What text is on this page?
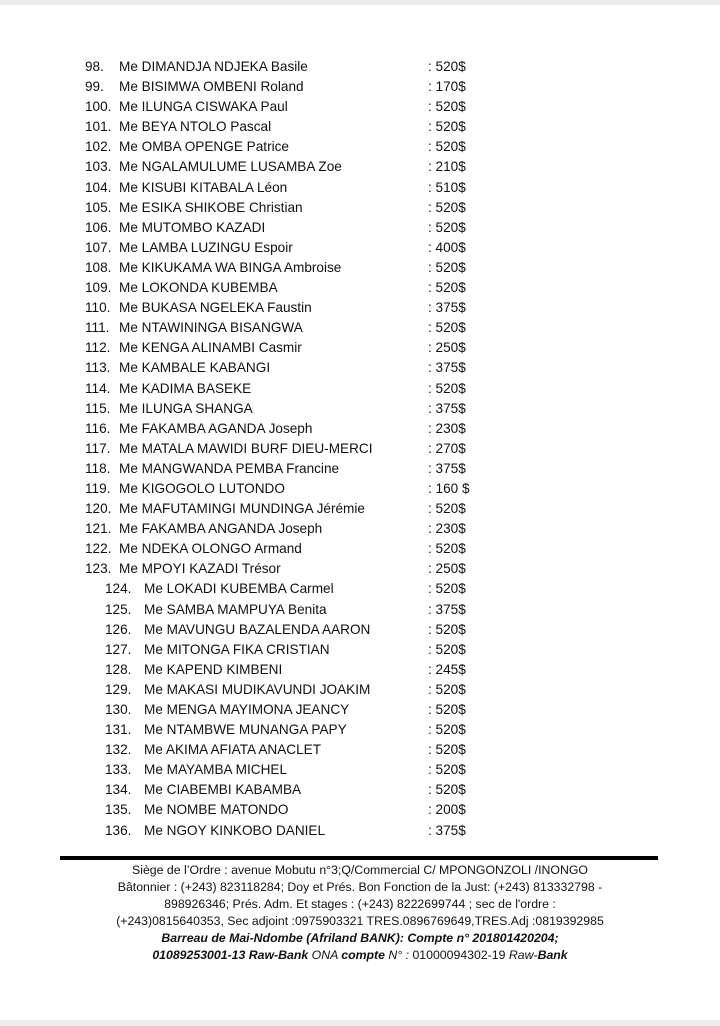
98. Me DIMANDJA NDJEKA Basile	: 520$
99. Me BISIMWA OMBENI Roland	: 170$
100. Me ILUNGA CISWAKA Paul	: 520$
101. Me BEYA NTOLO Pascal	: 520$
102. Me OMBA OPENGE Patrice	: 520$
103. Me NGALAMULUME LUSAMBA Zoe	: 210$
104. Me KISUBI KITABALA Léon	: 510$
105. Me ESIKA SHIKOBE Christian	: 520$
106. Me MUTOMBO KAZADI	: 520$
107. Me LAMBA LUZINGU Espoir	: 400$
108. Me KIKUKAMA WA BINGA Ambroise	: 520$
109. Me LOKONDA KUBEMBA	: 520$
110. Me BUKASA NGELEKA Faustin	: 375$
111. Me NTAWININGA BISANGWA	: 520$
112. Me KENGA ALINAMBI Casmir	: 250$
113. Me KAMBALE KABANGI	: 375$
114. Me KADIMA BASEKE	: 520$
115. Me ILUNGA SHANGA	: 375$
116. Me FAKAMBA AGANDA Joseph	: 230$
117. Me MATALA MAWIDI BURF DIEU-MERCI	: 270$
118. Me MANGWANDA PEMBA Francine	: 375$
119. Me KIGOGOLO LUTONDO	: 160 $
120. Me MAFUTAMINGI MUNDINGA Jérémie	: 520$
121. Me FAKAMBA ANGANDA Joseph	: 230$
122. Me NDEKA OLONGO Armand	: 520$
123. Me MPOYI KAZADI Trésor	: 250$
124. Me LOKADI KUBEMBA Carmel	: 520$
125. Me SAMBA MAMPUYA Benita	: 375$
126. Me MAVUNGU BAZALENDA AARON	: 520$
127. Me MITONGA FIKA CRISTIAN	: 520$
128. Me KAPEND KIMBENI	: 245$
129. Me MAKASI MUDIKAVUNDI JOAKIM	: 520$
130. Me MENGA MAYIMONA JEANCY	: 520$
131. Me NTAMBWE MUNANGA PAPY	: 520$
132. Me AKIMA AFIATA ANACLET	: 520$
133. Me MAYAMBA MICHEL	: 520$
134. Me CIABEMBI KABAMBA	: 520$
135. Me NOMBE MATONDO	: 200$
136. Me NGOY KINKOBO DANIEL	: 375$
Siège de l’Ordre : avenue Mobutu n°3;Q/Commercial C/ MPONGONZOLI /INONGO
Bâtonnier : (+243) 823118284; Doy et Prés. Bon Fonction de la Just: (+243) 813332798 -
898926346; Prés. Adm. Et stages : (+243) 8222699744 ; sec de l'ordre :
(+243)0815640353, Sec adjoint :0975903321 TRES.0896769649,TRES.Adj :0819392985
Barreau de Mai-Ndombe (Afriland BANK): Compte n° 201801420204;
01089253001-13 Raw-Bank ONA compte N° : 01000094302-19 Raw-Bank
